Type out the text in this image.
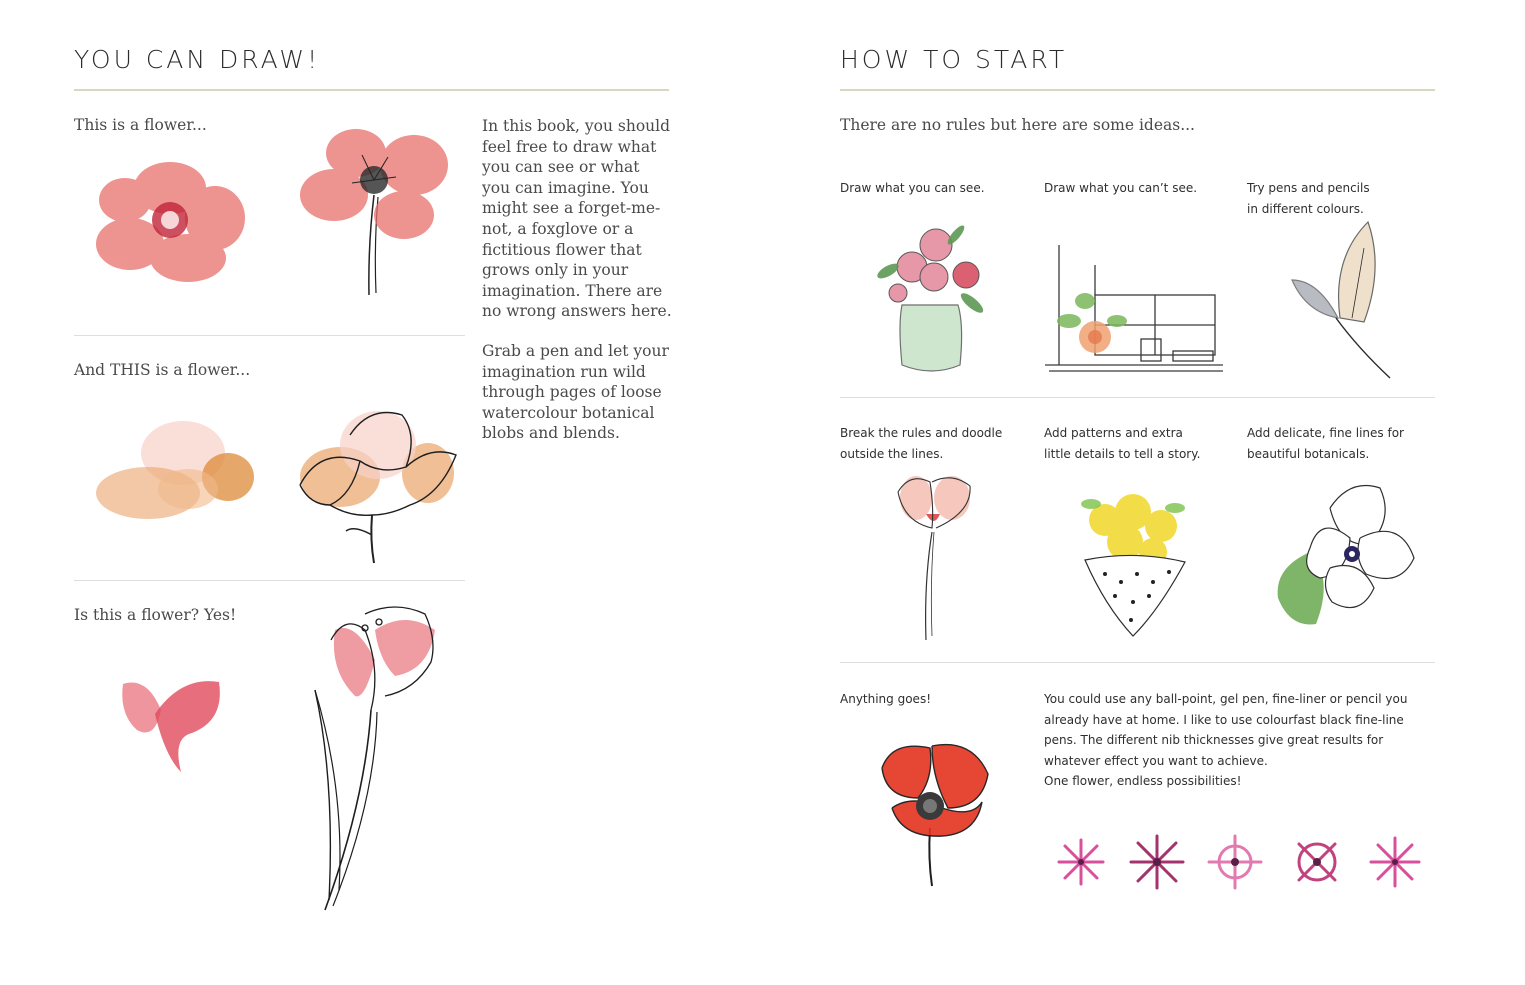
YOU CAN DRAW!
This is a flower...
And THIS is a flower...
Is this a flower? Yes!
In this book, you should feel free to draw what you can see or what you can imagine. You might see a forget-me-not, a foxglove or a fictitious flower that grows only in your imagination. There are no wrong answers here.
Grab a pen and let your imagination run wild through pages of loose watercolour botanical blobs and blends.
HOW TO START
There are no rules but here are some ideas...
Draw what you can see.	Draw what you can’t see.	Try pens and pencils in different colours.
Break the rules and doodle outside the lines.
Add patterns and extra little details to tell a story.
Add delicate, fine lines for beautiful botanicals.
Anything goes!	You could use any ball-point, gel pen, fine-liner or pencil you already have at home. I like to use colourfast black fine-line pens. The different nib thicknesses give great results for whatever effect you want to achieve.
One flower, endless possibilities!
